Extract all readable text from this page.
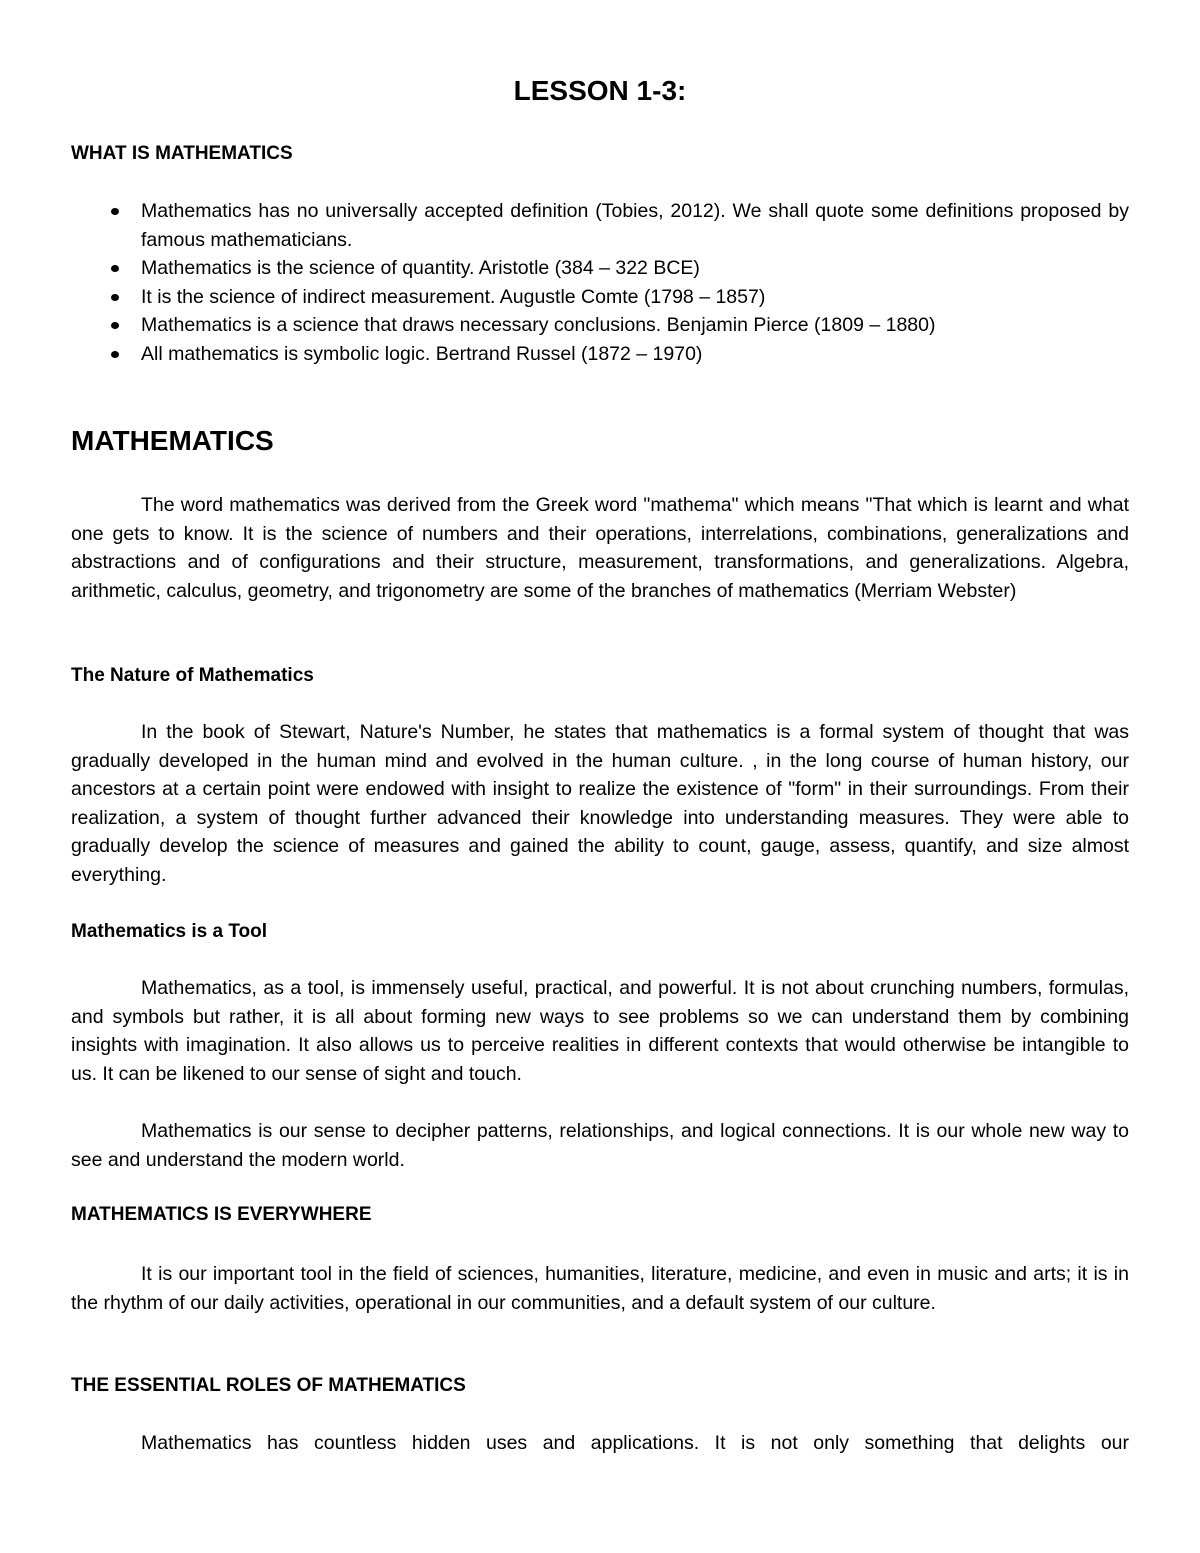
LESSON 1-3:
WHAT IS MATHEMATICS
Mathematics has no universally accepted definition (Tobies, 2012). We shall quote some definitions proposed by famous mathematicians.
Mathematics is the science of quantity. Aristotle (384 – 322 BCE)
It is the science of indirect measurement. Augustle Comte (1798 – 1857)
Mathematics is a science that draws necessary conclusions. Benjamin Pierce (1809 – 1880)
All mathematics is symbolic logic. Bertrand Russel (1872 – 1970)
MATHEMATICS

The word mathematics was derived from the Greek word "mathema" which means "That which is learnt and what one gets to know. It is the science of numbers and their operations, interrelations, combinations, generalizations and abstractions and of configurations and their structure, measurement, transformations, and generalizations. Algebra, arithmetic, calculus, geometry, and trigonometry are some of the branches of mathematics (Merriam Webster)

The Nature of Mathematics

In the book of Stewart, Nature's Number, he states that mathematics is a formal system of thought that was gradually developed in the human mind and evolved in the human culture. , in the long course of human history, our ancestors at a certain point were endowed with insight to realize the existence of "form" in their surroundings. From their realization, a system of thought further advanced their knowledge into understanding measures. They were able to gradually develop the science of measures and gained the ability to count, gauge, assess, quantify, and size almost everything.

Mathematics is a Tool

Mathematics, as a tool, is immensely useful, practical, and powerful. It is not about crunching numbers, formulas, and symbols but rather, it is all about forming new ways to see problems so we can understand them by combining insights with imagination. It also allows us to perceive realities in different contexts that would otherwise be intangible to us. It can be likened to our sense of sight and touch.

Mathematics is our sense to decipher patterns, relationships, and logical connections. It is our whole new way to see and understand the modern world.

MATHEMATICS IS EVERYWHERE

It is our important tool in the field of sciences, humanities, literature, medicine, and even in music and arts; it is in the rhythm of our daily activities, operational in our communities, and a default system of our culture.

THE ESSENTIAL ROLES OF MATHEMATICS

Mathematics has countless hidden uses and applications. It is not only something that delights our
